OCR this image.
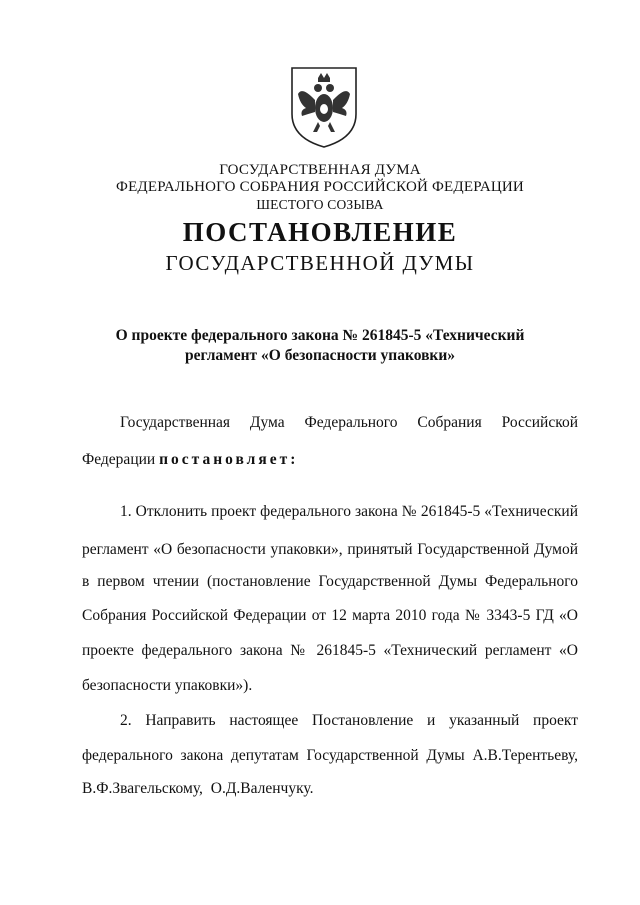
ГОСУДАРСТВЕННАЯ ДУМА
ФЕДЕРАЛЬНОГО СОБРАНИЯ РОССИЙСКОЙ ФЕДЕРАЦИИ
ШЕСТОГО СОЗЫВА
ПОСТАНОВЛЕНИЕ
ГОСУДАРСТВЕННОЙ ДУМЫ
О проекте федерального закона № 261845-5 «Технический
регламент «О безопасности упаковки»
Государственная Дума Федерального Собрания Российской
Федерации постановляет:
1. Отклонить проект федерального закона № 261845-5 «Технический
регламент «О безопасности упаковки», принятый Государственной Думой
в первом чтении (постановление Государственной Думы Федерального
Собрания Российской Федерации от 12 марта 2010 года № 3343-5 ГД «О
проекте федерального закона № 261845-5 «Технический регламент «О
безопасности упаковки»).
2. Направить настоящее Постановление и указанный проект
федерального закона депутатам Государственной Думы А.В.Терентьеву,
В.Ф.Звагельскому, О.Д.Валенчуку.
